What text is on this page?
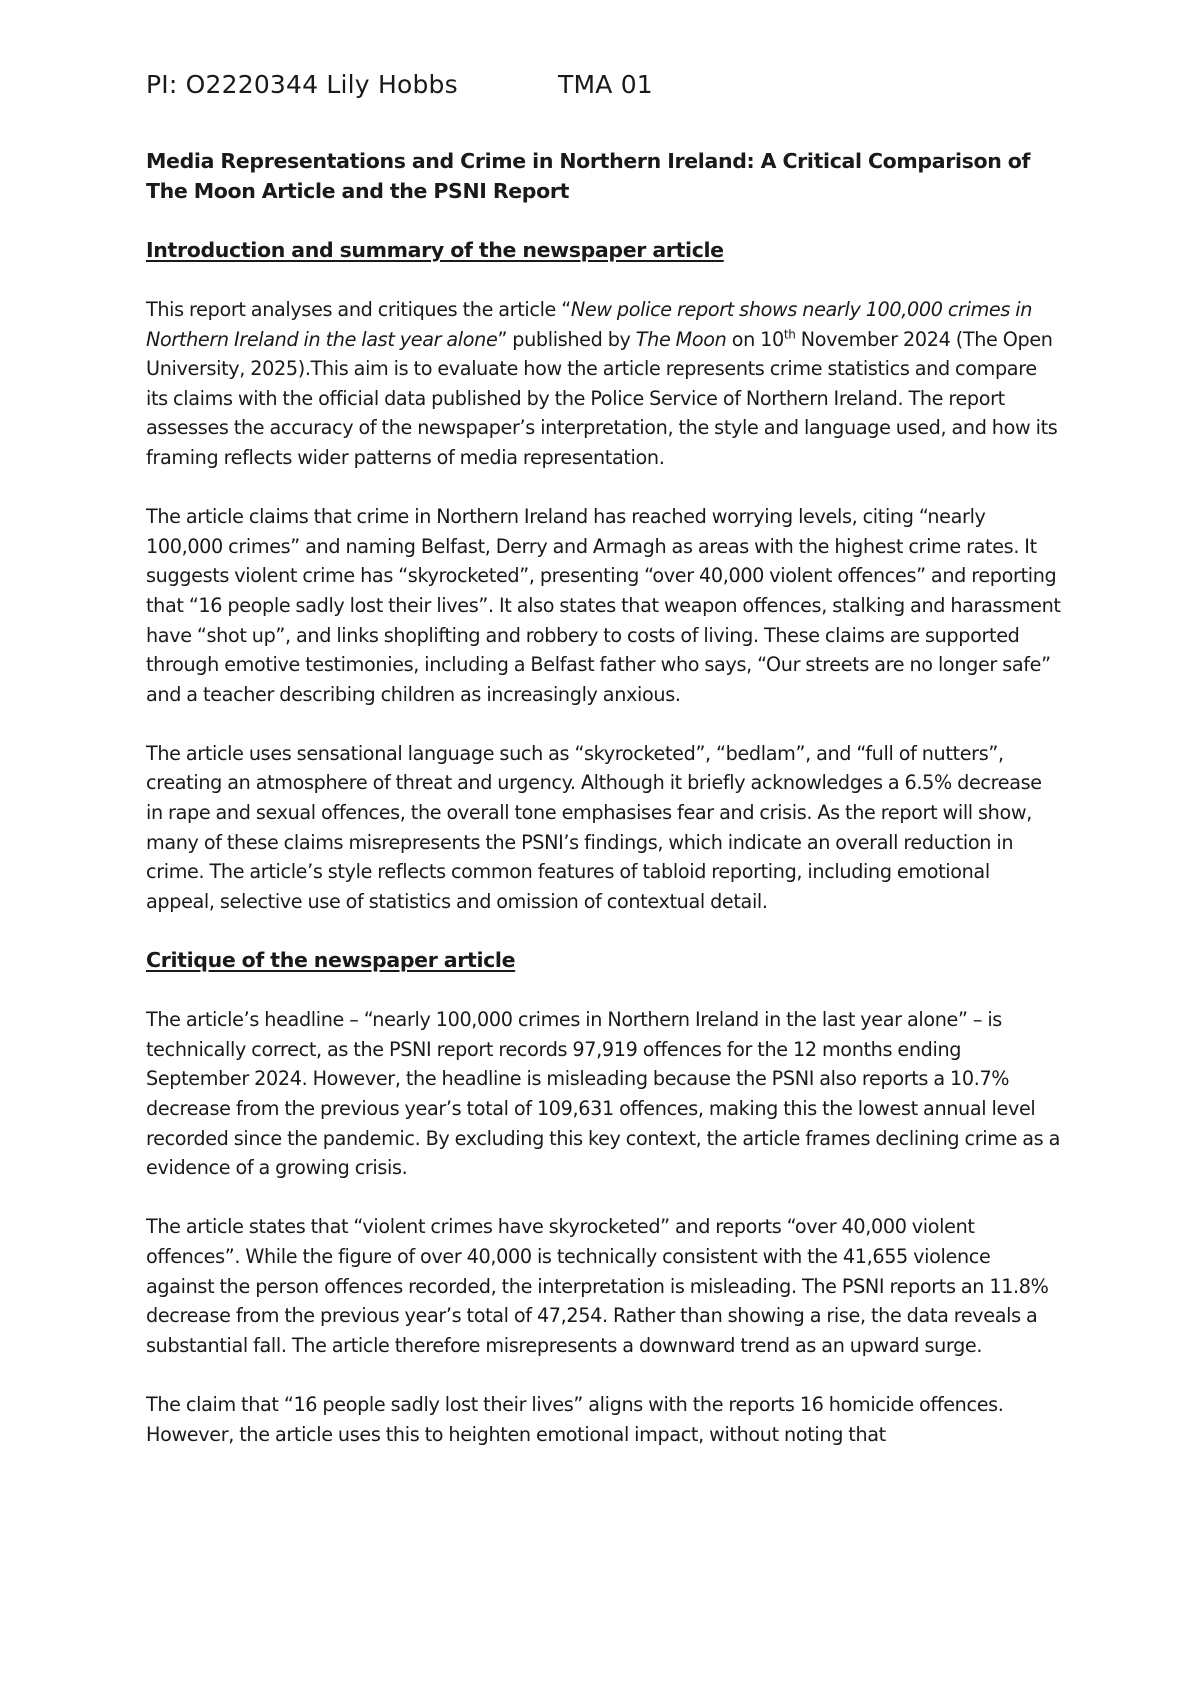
PI: O2220344 Lily Hobbs	TMA 01

Media Representations and Crime in Northern Ireland: A Critical Comparison of The Moon Article and the PSNI Report

Introduction and summary of the newspaper article

This report analyses and critiques the article “New police report shows nearly 100,000 crimes in Northern Ireland in the last year alone” published by The Moon on 10th November 2024 (The Open University, 2025).This aim is to evaluate how the article represents crime statistics and compare its claims with the official data published by the Police Service of Northern Ireland. The report assesses the accuracy of the newspaper’s interpretation, the style and language used, and how its framing reflects wider patterns of media representation.

The article claims that crime in Northern Ireland has reached worrying levels, citing “nearly 100,000 crimes” and naming Belfast, Derry and Armagh as areas with the highest crime rates. It suggests violent crime has “skyrocketed”, presenting “over 40,000 violent offences” and reporting that “16 people sadly lost their lives”. It also states that weapon offences, stalking and harassment have “shot up”, and links shoplifting and robbery to costs of living. These claims are supported through emotive testimonies, including a Belfast father who says, “Our streets are no longer safe” and a teacher describing children as increasingly anxious.

The article uses sensational language such as “skyrocketed”, “bedlam”, and “full of nutters”, creating an atmosphere of threat and urgency. Although it briefly acknowledges a 6.5% decrease in rape and sexual offences, the overall tone emphasises fear and crisis. As the report will show, many of these claims misrepresents the PSNI’s findings, which indicate an overall reduction in crime. The article’s style reflects common features of tabloid reporting, including emotional appeal, selective use of statistics and omission of contextual detail.

Critique of the newspaper article

The article’s headline – “nearly 100,000 crimes in Northern Ireland in the last year alone” – is technically correct, as the PSNI report records 97,919 offences for the 12 months ending September 2024. However, the headline is misleading because the PSNI also reports a 10.7% decrease from the previous year’s total of 109,631 offences, making this the lowest annual level recorded since the pandemic. By excluding this key context, the article frames declining crime as a evidence of a growing crisis.

The article states that “violent crimes have skyrocketed” and reports “over 40,000 violent offences”. While the figure of over 40,000 is technically consistent with the 41,655 violence against the person offences recorded, the interpretation is misleading. The PSNI reports an 11.8% decrease from the previous year’s total of 47,254. Rather than showing a rise, the data reveals a substantial fall. The article therefore misrepresents a downward trend as an upward surge.

The claim that “16 people sadly lost their lives” aligns with the reports 16 homicide offences. However, the article uses this to heighten emotional impact, without noting that
